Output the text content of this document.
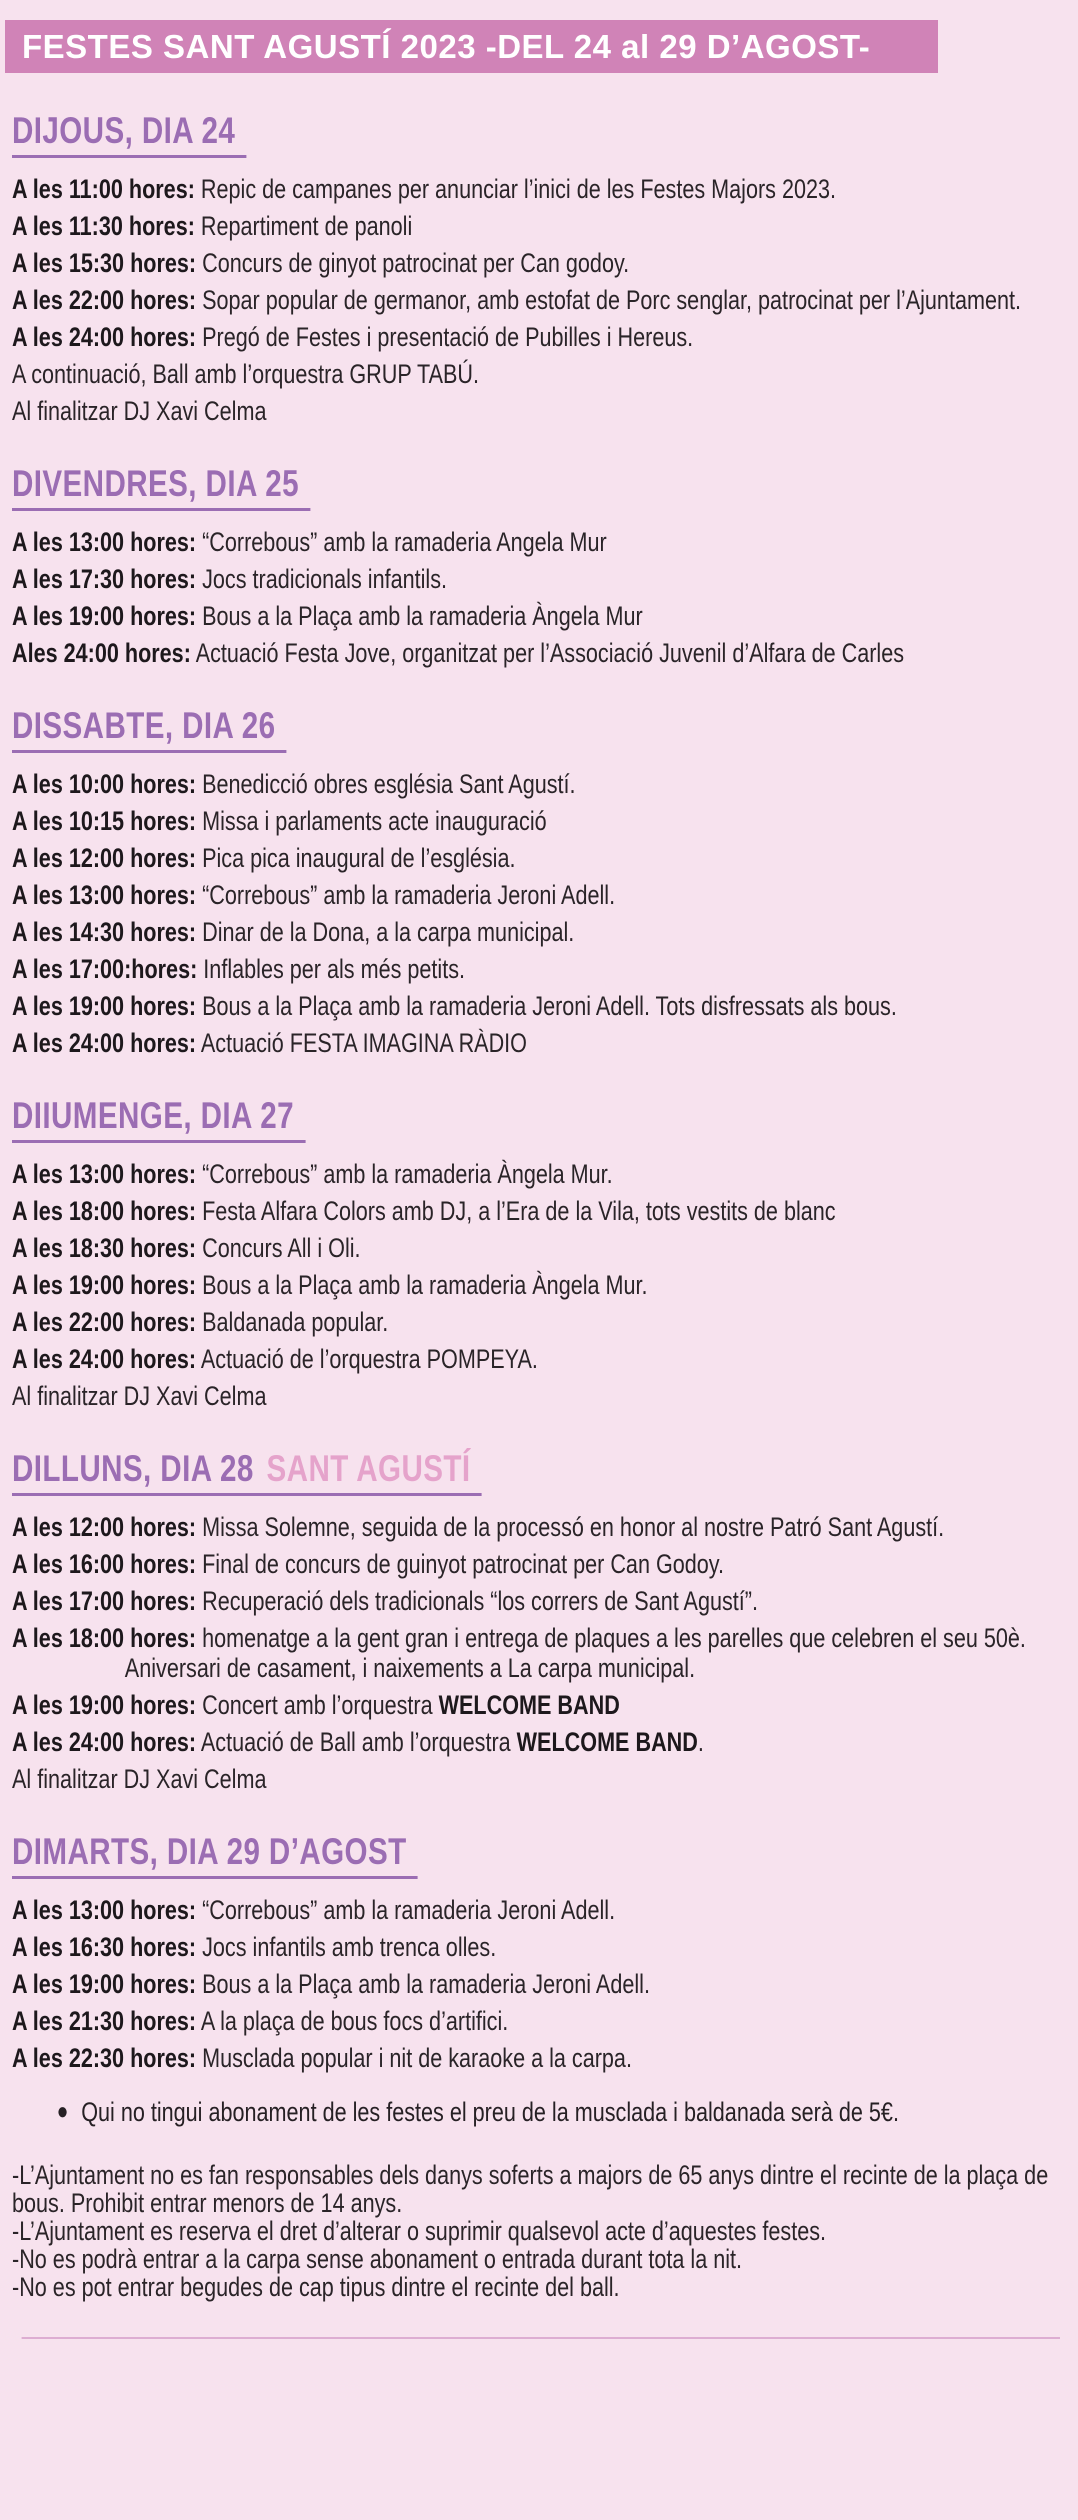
FESTES SANT AGUSTÍ 2023 -DEL 24 al 29 D’AGOST-
DIJOUS, DIA 24

A les 11:00 hores: Repic de campanes per anunciar l’inici de les Festes Majors 2023.

A les 11:30 hores: Repartiment de panoli

A les 15:30 hores: Concurs de ginyot patrocinat per Can godoy.

A les 22:00 hores: Sopar popular de germanor, amb estofat de Porc senglar, patrocinat per l’Ajuntament.

A les 24:00 hores: Pregó de Festes i presentació de Pubilles i Hereus.

A continuació, Ball amb l’orquestra GRUP TABÚ.

Al finalitzar DJ Xavi Celma

DIVENDRES, DIA 25

A les 13:00 hores: “Correbous” amb la ramaderia Angela Mur

A les 17:30 hores: Jocs tradicionals infantils.

A les 19:00 hores: Bous a la Plaça amb la ramaderia Àngela Mur

Ales 24:00 hores: Actuació Festa Jove, organitzat per l’Associació Juvenil d’Alfara de Carles

DISSABTE, DIA 26

A les 10:00 hores: Benedicció obres església Sant Agustí.

A les 10:15 hores: Missa i parlaments acte inauguració

A les 12:00 hores: Pica pica inaugural de l’església.

A les 13:00 hores: “Correbous” amb la ramaderia Jeroni Adell.

A les 14:30 hores: Dinar de la Dona, a la carpa municipal.

A les 17:00:hores: Inflables per als més petits.

A les 19:00 hores: Bous a la Plaça amb la ramaderia Jeroni Adell. Tots disfressats als bous.

A les 24:00 hores: Actuació FESTA IMAGINA RÀDIO

DIIUMENGE, DIA 27

A les 13:00 hores: “Correbous” amb la ramaderia Àngela Mur.

A les 18:00 hores: Festa Alfara Colors amb DJ, a l’Era de la Vila, tots vestits de blanc

A les 18:30 hores: Concurs All i Oli.

A les 19:00 hores: Bous a la Plaça amb la ramaderia Àngela Mur.

A les 22:00 hores: Baldanada popular.

A les 24:00 hores: Actuació de l’orquestra POMPEYA.

Al finalitzar DJ Xavi Celma

DILLUNS, DIA 28 SANT AGUSTÍ

A les 12:00 hores: Missa Solemne, seguida de la processó en honor al nostre Patró Sant Agustí.

A les 16:00 hores: Final de concurs de guinyot patrocinat per Can Godoy.

A les 17:00 hores: Recuperació dels tradicionals “los corrers de Sant Agustí”.

A les 18:00 hores: homenatge a la gent gran i entrega de plaques a les parelles que celebren el seu 50è. Aniversari de casament, i naixements a La carpa municipal.

A les 19:00 hores: Concert amb l’orquestra WELCOME BAND

A les 24:00 hores: Actuació de Ball amb l’orquestra WELCOME BAND.

Al finalitzar DJ Xavi Celma

DIMARTS, DIA 29 D’AGOST

A les 13:00 hores: “Correbous” amb la ramaderia Jeroni Adell.

A les 16:30 hores: Jocs infantils amb trenca olles.

A les 19:00 hores: Bous a la Plaça amb la ramaderia Jeroni Adell.

A les 21:30 hores: A la plaça de bous focs d’artifici.

A les 22:30 hores: Musclada popular i nit de karaoke a la carpa.

● Qui no tingui abonament de les festes el preu de la musclada i baldanada serà de 5€.

-L’Ajuntament no es fan responsables dels danys soferts a majors de 65 anys dintre el recinte de la plaça de bous. Prohibit entrar menors de 14 anys.

-L’Ajuntament es reserva el dret d’alterar o suprimir qualsevol acte d’aquestes festes.

-No es podrà entrar a la carpa sense abonament o entrada durant tota la nit.

-No es pot entrar begudes de cap tipus dintre el recinte del ball.
